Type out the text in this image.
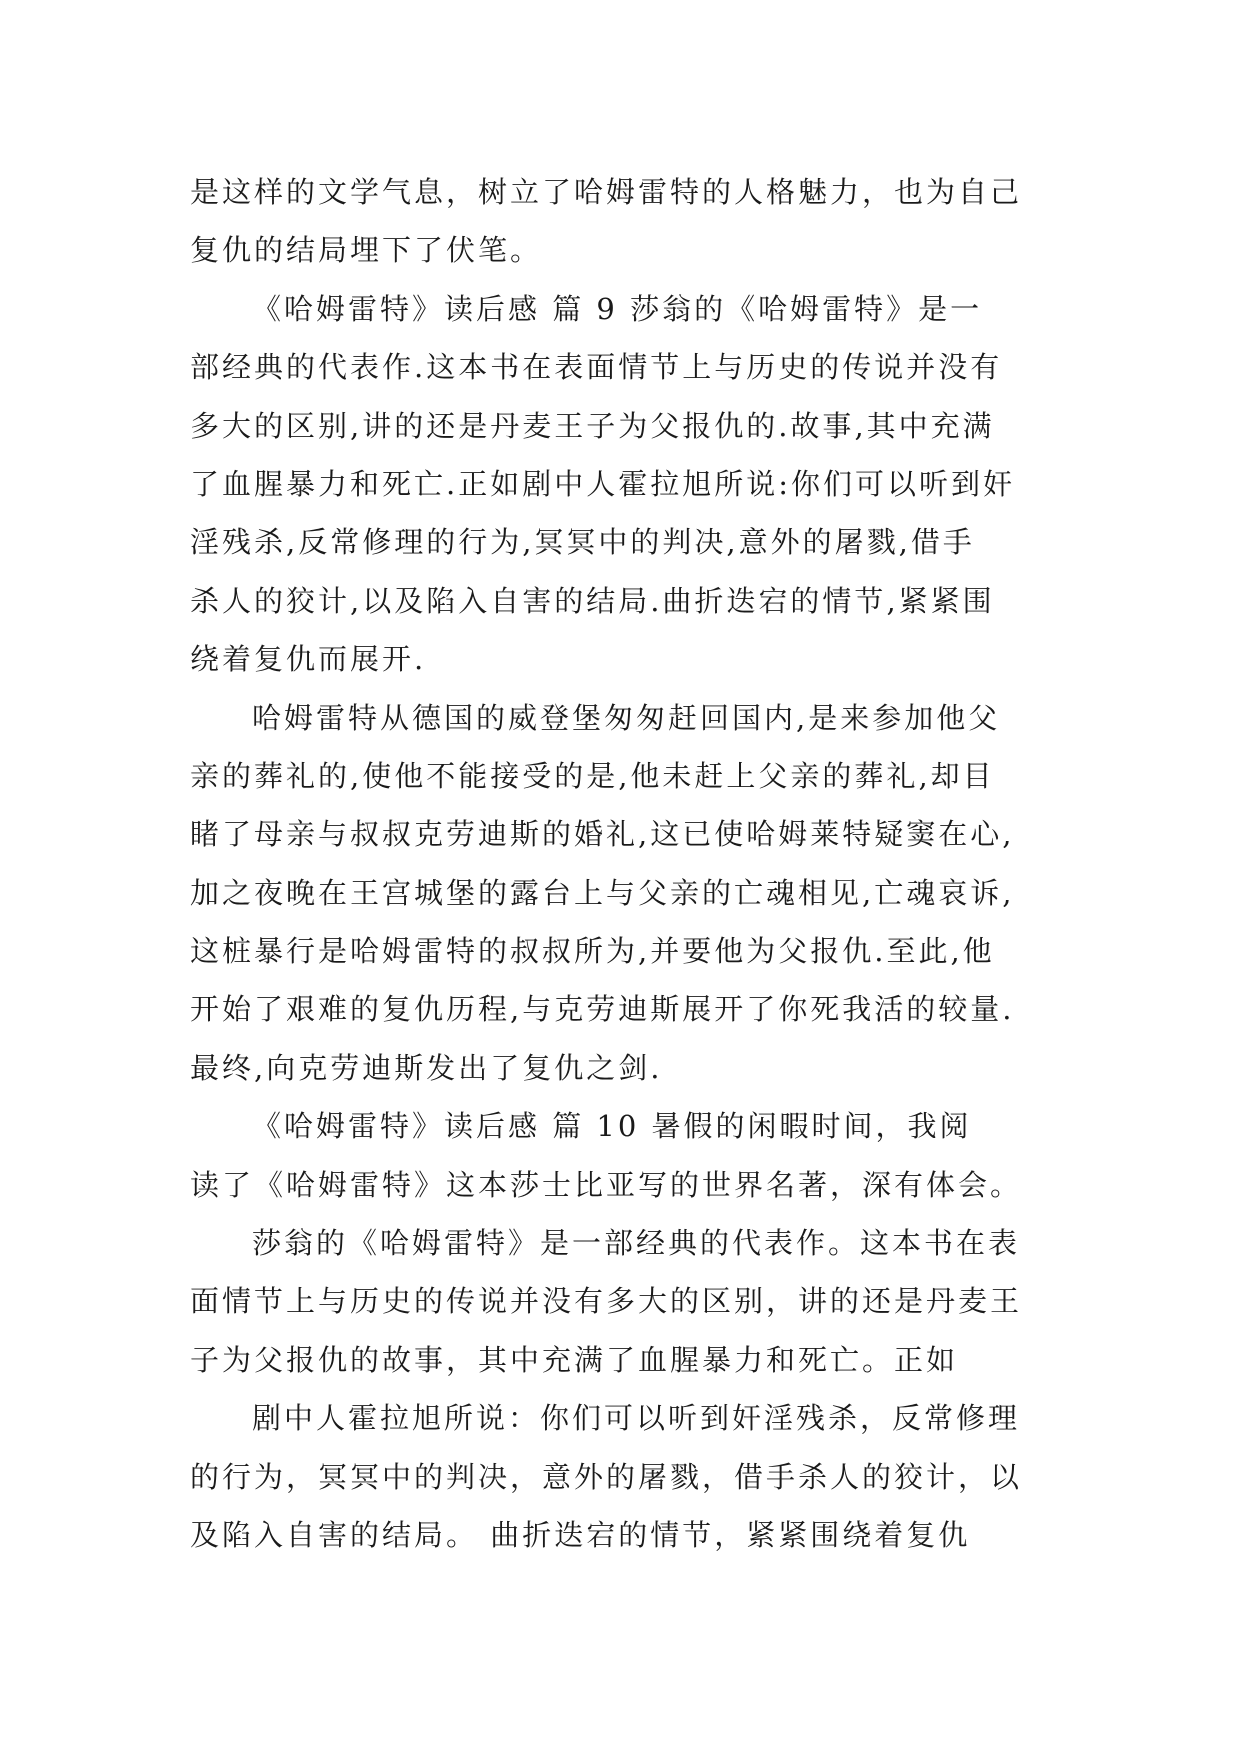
是这样的文学气息，树立了哈姆雷特的人格魅力，也为自己
复仇的结局埋下了伏笔。
《哈姆雷特》读后感 篇 9 莎翁的《哈姆雷特》是一
部经典的代表作.这本书在表面情节上与历史的传说并没有
多大的区别,讲的还是丹麦王子为父报仇的.故事,其中充满
了血腥暴力和死亡.正如剧中人霍拉旭所说:你们可以听到奸
淫残杀,反常修理的行为,冥冥中的判决,意外的屠戮,借手
杀人的狡计,以及陷入自害的结局.曲折迭宕的情节,紧紧围
绕着复仇而展开.
哈姆雷特从德国的威登堡匆匆赶回国内,是来参加他父
亲的葬礼的,使他不能接受的是,他未赶上父亲的葬礼,却目
睹了母亲与叔叔克劳迪斯的婚礼,这已使哈姆莱特疑窦在心,
加之夜晚在王宫城堡的露台上与父亲的亡魂相见,亡魂哀诉,
这桩暴行是哈姆雷特的叔叔所为,并要他为父报仇.至此,他
开始了艰难的复仇历程,与克劳迪斯展开了你死我活的较量.
最终,向克劳迪斯发出了复仇之剑.
《哈姆雷特》读后感 篇 10 暑假的闲暇时间，我阅
读了《哈姆雷特》这本莎士比亚写的世界名著，深有体会。
莎翁的《哈姆雷特》是一部经典的代表作。这本书在表
面情节上与历史的传说并没有多大的区别，讲的还是丹麦王
子为父报仇的故事，其中充满了血腥暴力和死亡。正如
剧中人霍拉旭所说：你们可以听到奸淫残杀，反常修理
的行为，冥冥中的判决，意外的屠戮，借手杀人的狡计，以
及陷入自害的结局。 曲折迭宕的情节，紧紧围绕着复仇
